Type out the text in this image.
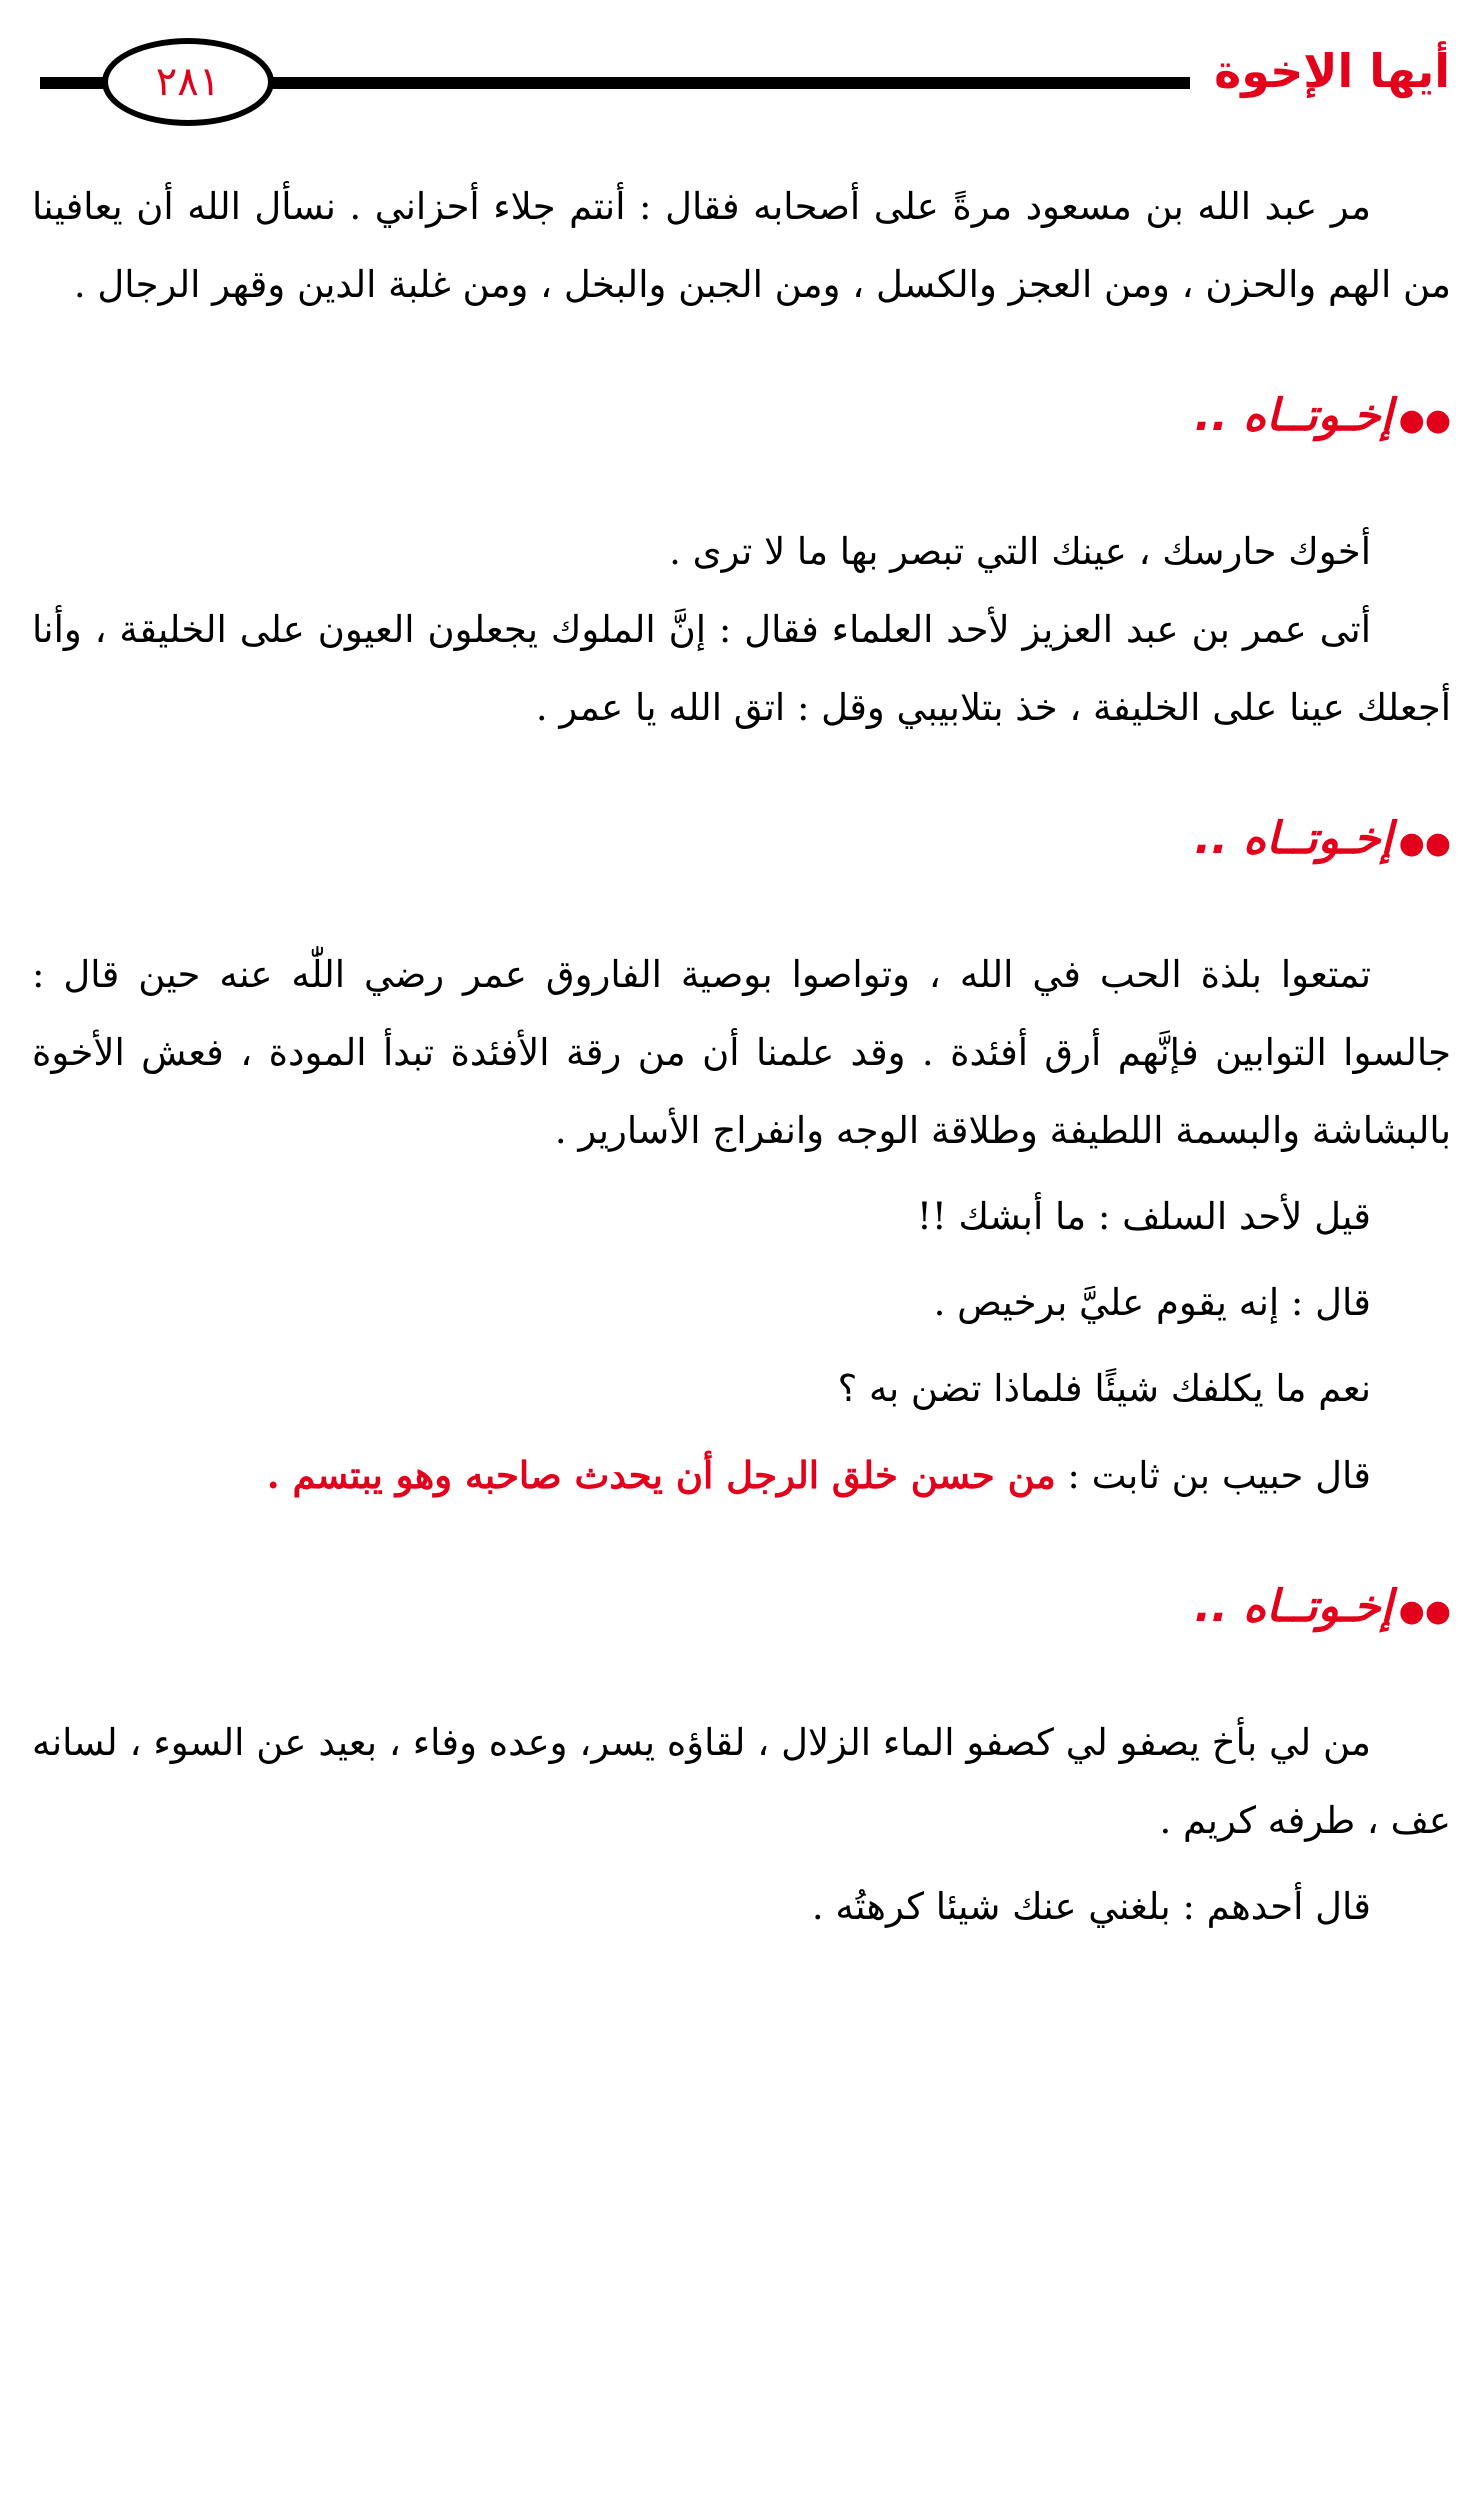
٢٨١	أيها الإخوة

مر عبد الله بن مسعود مرةً على أصحابه فقال : أنتم جلاء أحزاني . نسأل الله أن يعافينا من الهم والحزن ، ومن العجز والكسل ، ومن الجبن والبخل ، ومن غلبة الدين وقهر الرجال .

●●إخـوتــاه ..

أخوك حارسك ، عينك التي تبصر بها ما لا ترى .

أتى عمر بن عبد العزيز لأحد العلماء فقال : إنَّ الملوك يجعلون العيون على الخليقة ، وأنا أجعلك عينا على الخليفة ، خذ بتلابيبي وقل : اتق الله يا عمر .

●●إخـوتــاه ..

تمتعوا بلذة الحب في الله ، وتواصوا بوصية الفاروق عمر رضي اللّٰه عنه حين قال : جالسوا التوابين فإنَّهم أرق أفئدة . وقد علمنا أن من رقة الأفئدة تبدأ المودة ، فعش الأخوة بالبشاشة والبسمة اللطيفة وطلاقة الوجه وانفراج الأسارير .

قيل لأحد السلف : ما أبشك !!

قال : إنه يقوم عليَّ برخيص .

نعم ما يكلفك شيئًا فلماذا تضن به ؟

قال حبيب بن ثابت : من حسن خلق الرجل أن يحدث صاحبه وهو يبتسم .

●●إخـوتــاه ..

من لي بأخ يصفو لي كصفو الماء الزلال ، لقاؤه يسر، وعده وفاء ، بعيد عن السوء ، لسانه عف ، طرفه كريم .

قال أحدهم : بلغني عنك شيئا كرهتُه .
